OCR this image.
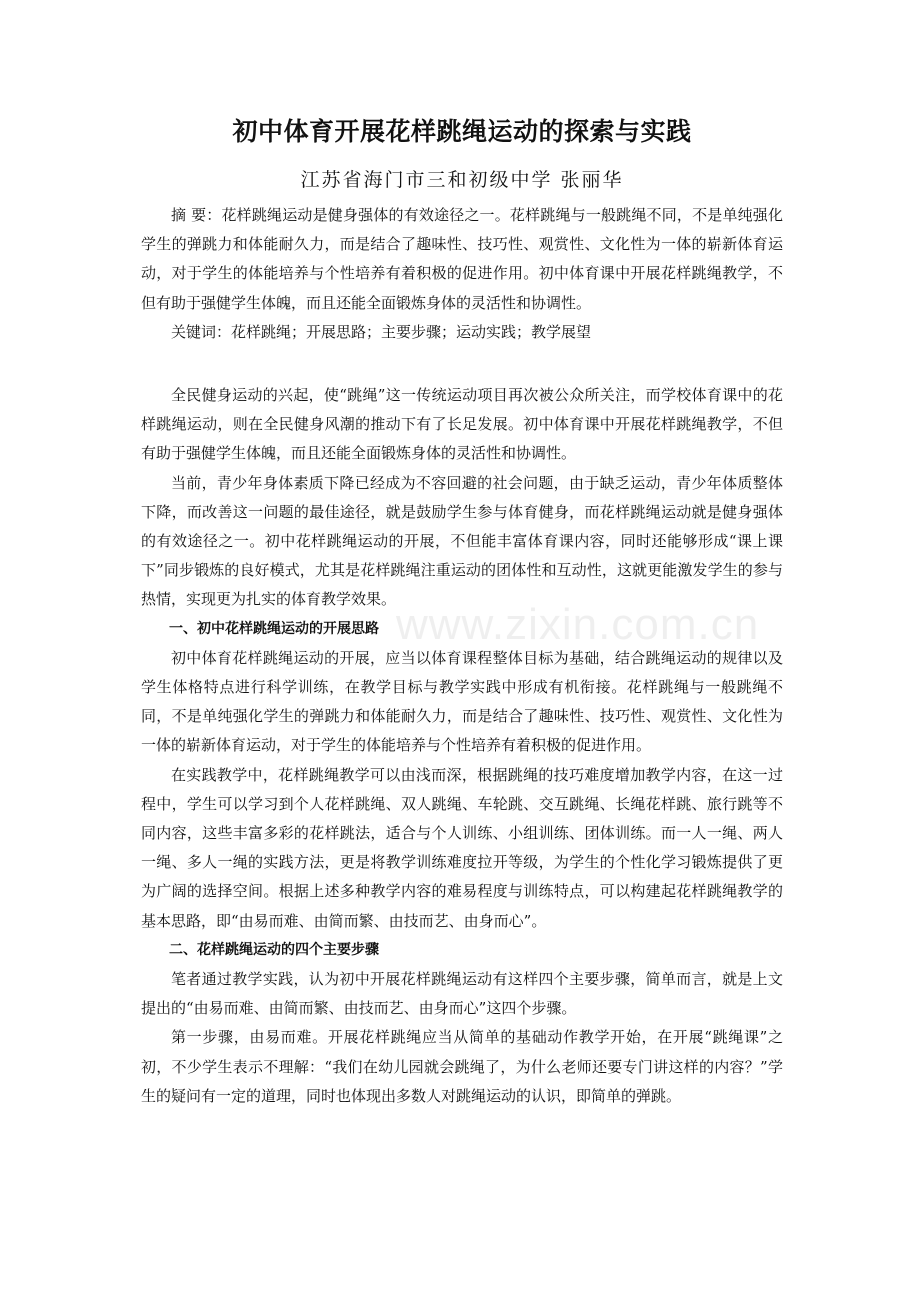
初中体育开展花样跳绳运动的探索与实践
江苏省海门市三和初级中学 张丽华

摘 要：花样跳绳运动是健身强体的有效途径之一。花样跳绳与一般跳绳不同，不是单纯强化学生的弹跳力和体能耐久力，而是结合了趣味性、技巧性、观赏性、文化性为一体的崭新体育运动，对于学生的体能培养与个性培养有着积极的促进作用。初中体育课中开展花样跳绳教学，不但有助于强健学生体魄，而且还能全面锻炼身体的灵活性和协调性。

关键词：花样跳绳；开展思路；主要步骤；运动实践；教学展望

全民健身运动的兴起，使“跳绳”这一传统运动项目再次被公众所关注，而学校体育课中的花样跳绳运动，则在全民健身风潮的推动下有了长足发展。初中体育课中开展花样跳绳教学，不但有助于强健学生体魄，而且还能全面锻炼身体的灵活性和协调性。

当前，青少年身体素质下降已经成为不容回避的社会问题，由于缺乏运动，青少年体质整体下降，而改善这一问题的最佳途径，就是鼓励学生参与体育健身，而花样跳绳运动就是健身强体的有效途径之一。初中花样跳绳运动的开展，不但能丰富体育课内容，同时还能够形成“课上课下”同步锻炼的良好模式，尤其是花样跳绳注重运动的团体性和互动性，这就更能激发学生的参与热情，实现更为扎实的体育教学效果。

一、初中花样跳绳运动的开展思路

初中体育花样跳绳运动的开展，应当以体育课程整体目标为基础，结合跳绳运动的规律以及学生体格特点进行科学训练，在教学目标与教学实践中形成有机衔接。花样跳绳与一般跳绳不同，不是单纯强化学生的弹跳力和体能耐久力，而是结合了趣味性、技巧性、观赏性、文化性为一体的崭新体育运动，对于学生的体能培养与个性培养有着积极的促进作用。

在实践教学中，花样跳绳教学可以由浅而深，根据跳绳的技巧难度增加教学内容，在这一过程中，学生可以学习到个人花样跳绳、双人跳绳、车轮跳、交互跳绳、长绳花样跳、旅行跳等不同内容，这些丰富多彩的花样跳法，适合与个人训练、小组训练、团体训练。而一人一绳、两人一绳、多人一绳的实践方法，更是将教学训练难度拉开等级，为学生的个性化学习锻炼提供了更为广阔的选择空间。根据上述多种教学内容的难易程度与训练特点，可以构建起花样跳绳教学的基本思路，即“由易而难、由简而繁、由技而艺、由身而心”。

二、花样跳绳运动的四个主要步骤

笔者通过教学实践，认为初中开展花样跳绳运动有这样四个主要步骤，简单而言，就是上文提出的“由易而难、由简而繁、由技而艺、由身而心”这四个步骤。

第一步骤，由易而难。开展花样跳绳应当从简单的基础动作教学开始，在开展“跳绳课”之初，不少学生表示不理解：“我们在幼儿园就会跳绳了，为什么老师还要专门讲这样的内容？”学生的疑问有一定的道理，同时也体现出多数人对跳绳运动的认识，即简单的弹跳。

www.zixin.com.cn
